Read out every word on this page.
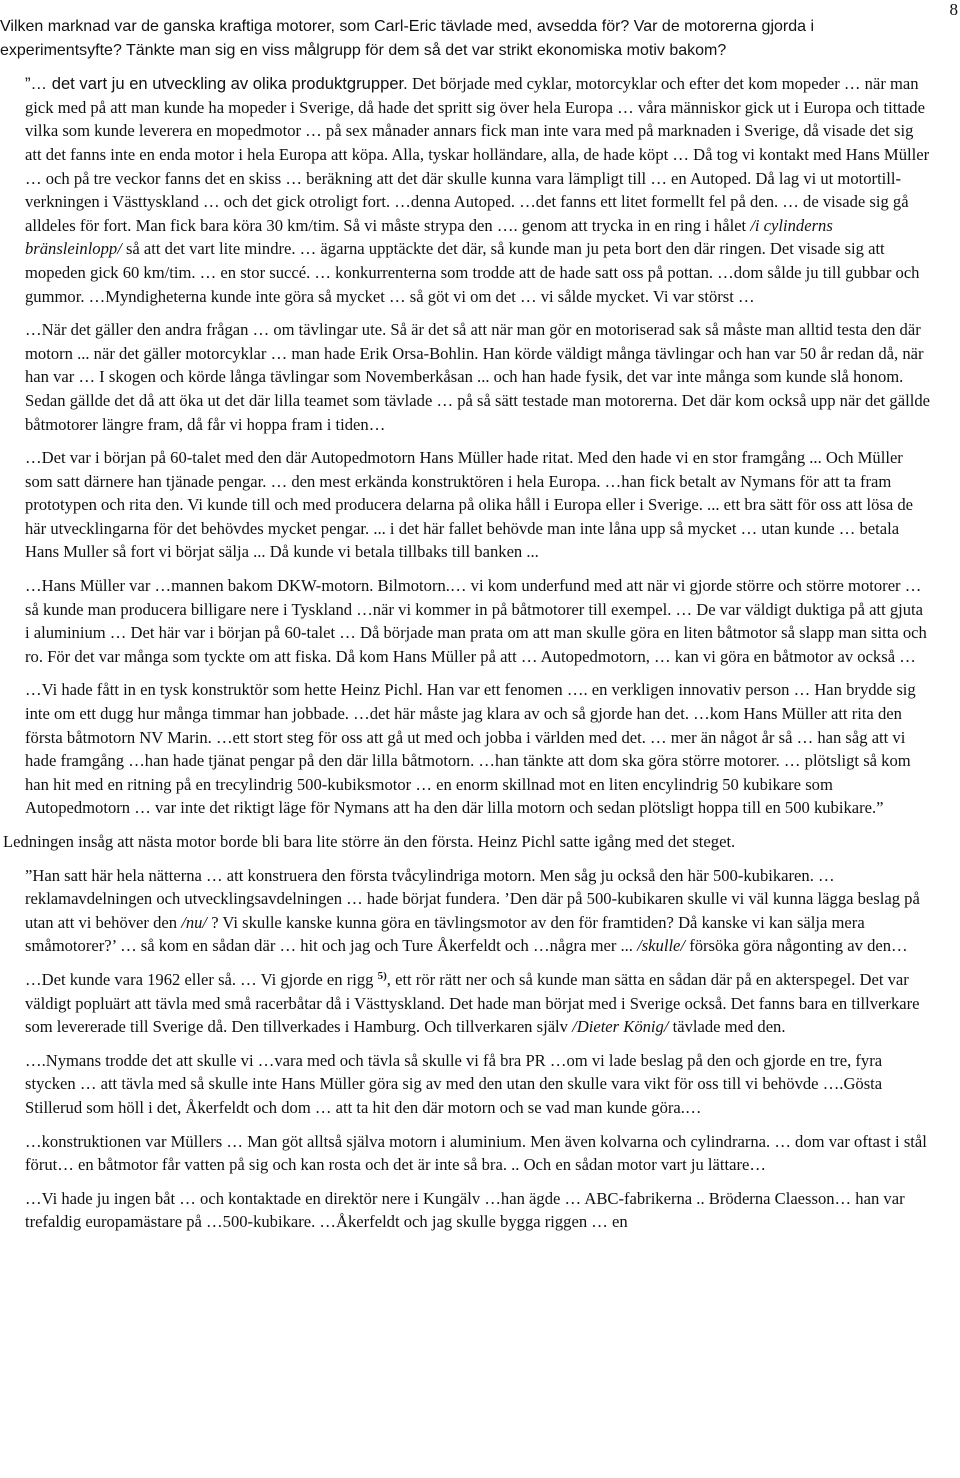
8
Vilken marknad var de ganska kraftiga motorer, som Carl-Eric tävlade med, avsedda för? Var de motorerna gjorda i experimentsyfte? Tänkte man sig en viss målgrupp för dem så det var strikt ekonomiska motiv bakom?
”… det vart ju en utveckling av olika produktgrupper. Det började med cyklar, motorcyklar och efter det kom mopeder … när man gick med på att man kunde ha mopeder i Sverige, då hade det spritt sig över hela Europa … våra människor gick ut i Europa och tittade vilka som kunde leverera en mopedmotor … på sex månader annars fick man inte vara med på marknaden i Sverige, då visade det sig att det fanns inte en enda motor i hela Europa att köpa. Alla, tyskar holländare, alla, de hade köpt … Då tog vi kontakt med Hans Müller … och på tre veckor fanns det en skiss … beräkning att det där skulle kunna vara lämpligt till … en Autoped. Då lag vi ut motortill-verkningen i Västtyskland … och det gick otroligt fort. …denna Autoped. …det fanns ett litet formellt fel på den. … de visade sig gå alldeles för fort. Man fick bara köra 30 km/tim. Så vi måste strypa den …. genom att trycka in en ring i hålet /i cylinderns bränsleinlopp/ så att det vart lite mindre. … ägarna upptäckte det där, så kunde man ju peta bort den där ringen. Det visade sig att mopeden gick 60 km/tim. … en stor succé. … konkurrenterna som trodde att de hade satt oss på pottan. …dom sålde ju till gubbar och gummor. …Myndigheterna kunde inte göra så mycket … så göt vi om det … vi sålde mycket. Vi var störst …
…När det gäller den andra frågan … om tävlingar ute. Så är det så att när man gör en motoriserad sak så måste man alltid testa den där motorn ... när det gäller motorcyklar … man hade Erik Orsa-Bohlin. Han körde väldigt många tävlingar och han var 50 år redan då, när han var … I skogen och körde långa tävlingar som Novemberkåsan ... och han hade fysik, det var inte många som kunde slå honom. Sedan gällde det då att öka ut det där lilla teamet som tävlade … på så sätt testade man motorerna. Det där kom också upp när det gällde båtmotorer längre fram, då får vi hoppa fram i tiden…
…Det var i början på 60-talet med den där Autopedmotorn Hans Müller hade ritat. Med den hade vi en stor framgång ... Och Müller som satt därnere han tjänade pengar. … den mest erkända konstruktören i hela Europa. …han fick betalt av Nymans för att ta fram prototypen och rita den. Vi kunde till och med producera delarna på olika håll i Europa eller i Sverige. ... ett bra sätt för oss att lösa de här utvecklingarna för det behövdes mycket pengar. ... i det här fallet behövde man inte låna upp så mycket … utan kunde … betala Hans Muller så fort vi börjat sälja ... Då kunde vi betala tillbaks till banken ...
…Hans Müller var …mannen bakom DKW-motorn. Bilmotorn.… vi kom underfund med att när vi gjorde större och större motorer … så kunde man producera billigare nere i Tyskland …när vi kommer in på båtmotorer till exempel. … De var väldigt duktiga på att gjuta i aluminium … Det här var i början på 60-talet … Då började man prata om att man skulle göra en liten båtmotor så slapp man sitta och ro. För det var många som tyckte om att fiska. Då kom Hans Müller på att … Autopedmotorn, … kan vi göra en båtmotor av också …
…Vi hade fått in en tysk konstruktör som hette Heinz Pichl. Han var ett fenomen …. en verkligen innovativ person … Han brydde sig inte om ett dugg hur många timmar han jobbade. …det här måste jag klara av och så gjorde han det. …kom Hans Müller att rita den första båtmotorn NV Marin. …ett stort steg för oss att gå ut med och jobba i världen med det. … mer än något år så … han såg att vi hade framgång …han hade tjänat pengar på den där lilla båtmotorn. …han tänkte att dom ska göra större motorer. … plötsligt så kom han hit med en ritning på en trecylindrig 500-kubiksmotor … en enorm skillnad mot en liten encylindrig 50 kubikare som Autopedmotorn … var inte det riktigt läge för Nymans att ha den där lilla motorn och sedan plötsligt hoppa till en 500 kubikare.”
Ledningen insåg att nästa motor borde bli bara lite större än den första. Heinz Pichl satte igång med det steget.
”Han satt här hela nätterna … att konstruera den första tvåcylindriga motorn. Men såg ju också den här 500-kubikaren. …reklamavdelningen och utvecklingsavdelningen … hade börjat fundera. ’Den där på 500-kubikaren skulle vi väl kunna lägga beslag på utan att vi behöver den /nu/ ? Vi skulle kanske kunna göra en tävlingsmotor av den för framtiden? Då kanske vi kan sälja mera småmotorer?’ … så kom en sådan där … hit och jag och Ture Åkerfeldt och …några mer ... /skulle/ försöka göra någonting av den…
…Det kunde vara 1962 eller så. … Vi gjorde en rigg $^{5)}$, ett rör rätt ner och så kunde man sätta en sådan där på en akterspegel. Det var väldigt popluärt att tävla med små racerbåtar då i Västtyskland. Det hade man börjat med i Sverige också. Det fanns bara en tillverkare som levererade till Sverige då. Den tillverkades i Hamburg. Och tillverkaren själv /Dieter König/ tävlade med den.
….Nymans trodde det att skulle vi …vara med och tävla så skulle vi få bra PR …om vi lade beslag på den och gjorde en tre, fyra stycken … att tävla med så skulle inte Hans Müller göra sig av med den utan den skulle vara vikt för oss till vi behövde ….Gösta Stillerud som höll i det, Åkerfeldt och dom … att ta hit den där motorn och se vad man kunde göra.…
…konstruktionen var Müllers … Man göt alltså själva motorn i aluminium. Men även kolvarna och cylindrarna. … dom var oftast i stål förut… en båtmotor får vatten på sig och kan rosta och det är inte så bra. .. Och en sådan motor vart ju lättare…
…Vi hade ju ingen båt … och kontaktade en direktör nere i Kungälv …han ägde … ABC-fabrikerna .. Bröderna Claesson… han var trefaldig europamästare på …500-kubikare. …Åkerfeldt och jag skulle bygga riggen … en
